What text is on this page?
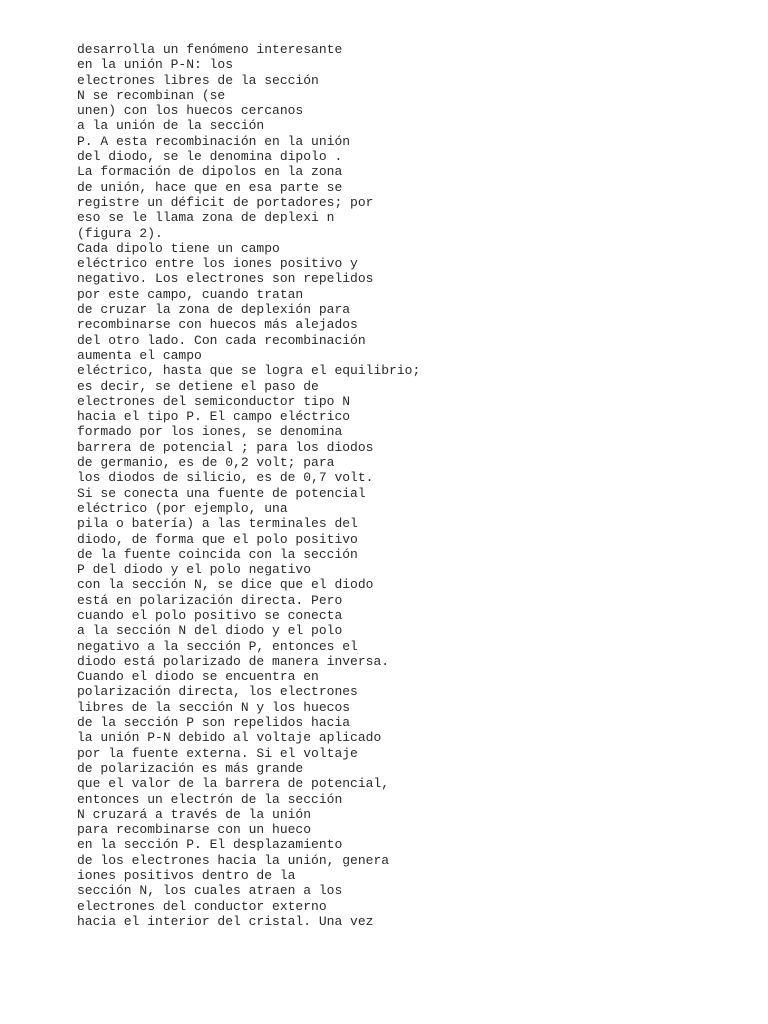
desarrolla un fenómeno interesante
en la unión P-N: los
electrones libres de la sección
N se recombinan (se
unen) con los huecos cercanos
a la unión de la sección
P. A esta recombinación en la unión
del diodo, se le denomina dipolo .
La formación de dipolos en la zona
de unión, hace que en esa parte se
registre un déficit de portadores; por
eso se le llama zona de deplexi n
(figura 2).
Cada dipolo tiene un campo
eléctrico entre los iones positivo y
negativo. Los electrones son repelidos
por este campo, cuando tratan
de cruzar la zona de deplexión para
recombinarse con huecos más alejados
del otro lado. Con cada recombinación
aumenta el campo
eléctrico, hasta que se logra el equilibrio;
es decir, se detiene el paso de
electrones del semiconductor tipo N
hacia el tipo P. El campo eléctrico
formado por los iones, se denomina
barrera de potencial ; para los diodos
de germanio, es de 0,2 volt; para
los diodos de silicio, es de 0,7 volt.
Si se conecta una fuente de potencial
eléctrico (por ejemplo, una
pila o batería) a las terminales del
diodo, de forma que el polo positivo
de la fuente coincida con la sección
P del diodo y el polo negativo
con la sección N, se dice que el diodo
está en polarización directa. Pero
cuando el polo positivo se conecta
a la sección N del diodo y el polo
negativo a la sección P, entonces el
diodo está polarizado de manera inversa.
Cuando el diodo se encuentra en
polarización directa, los electrones
libres de la sección N y los huecos
de la sección P son repelidos hacia
la unión P-N debido al voltaje aplicado
por la fuente externa. Si el voltaje
de polarización es más grande
que el valor de la barrera de potencial,
entonces un electrón de la sección
N cruzará a través de la unión
para recombinarse con un hueco
en la sección P. El desplazamiento
de los electrones hacia la unión, genera
iones positivos dentro de la
sección N, los cuales atraen a los
electrones del conductor externo
hacia el interior del cristal. Una vez
